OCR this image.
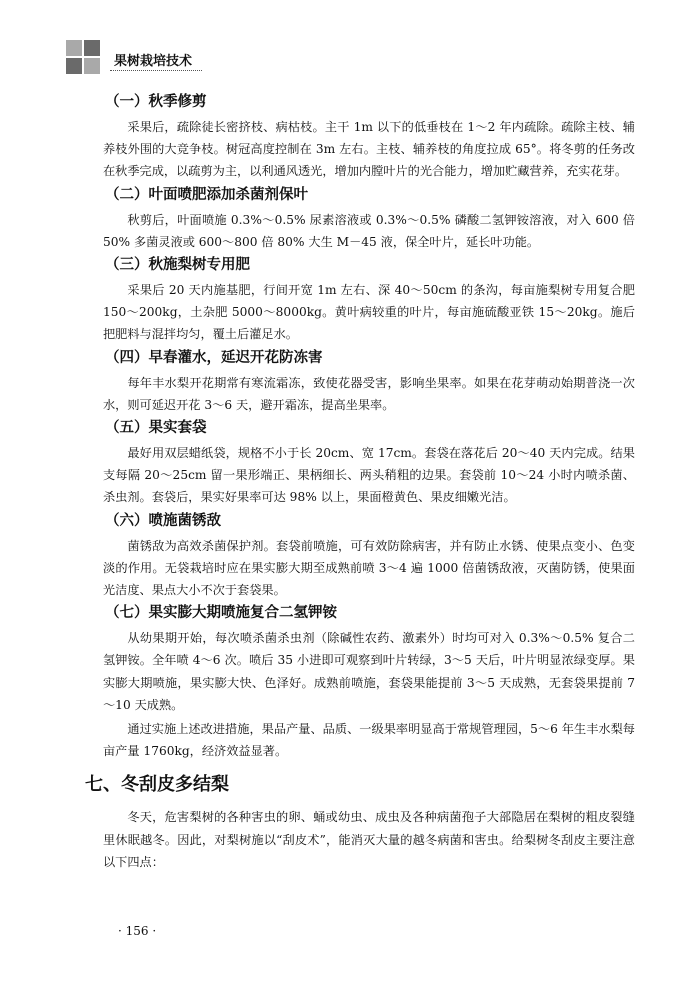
果树栽培技术
（一）秋季修剪
采果后，疏除徒长密挤枝、病枯枝。主干 1m 以下的低垂枝在 1～2 年内疏除。疏除主枝、辅养枝外围的大竞争枝。树冠高度控制在 3m 左右。主枝、辅养枝的角度拉成 65°。将冬剪的任务改在秋季完成，以疏剪为主，以利通风透光，增加内膛叶片的光合能力，增加贮藏营养，充实花芽。
（二）叶面喷肥添加杀菌剂保叶
秋剪后，叶面喷施 0.3%～0.5% 尿素溶液或 0.3%～0.5% 磷酸二氢钾铵溶液，对入 600 倍 50% 多菌灵液或 600～800 倍 80% 大生 M－45 液，保全叶片，延长叶功能。
（三）秋施梨树专用肥
采果后 20 天内施基肥，行间开宽 1m 左右、深 40～50cm 的条沟，每亩施梨树专用复合肥 150～200kg，土杂肥 5000～8000kg。黄叶病较重的叶片，每亩施硫酸亚铁 15～20kg。施后把肥料与混拌均匀，覆土后灌足水。
（四）早春灌水，延迟开花防冻害
每年丰水梨开花期常有寒流霜冻，致使花器受害，影响坐果率。如果在花芽萌动始期普浇一次水，则可延迟开花 3～6 天，避开霜冻，提高坐果率。
（五）果实套袋
最好用双层蜡纸袋，规格不小于长 20cm、宽 17cm。套袋在落花后 20～40 天内完成。结果支每隔 20～25cm 留一果形端正、果柄细长、两头稍粗的边果。套袋前 10～24 小时内喷杀菌、杀虫剂。套袋后，果实好果率可达 98% 以上，果面橙黄色、果皮细嫩光洁。
（六）喷施菌锈敌
菌锈敌为高效杀菌保护剂。套袋前喷施，可有效防除病害，并有防止水锈、使果点变小、色变淡的作用。无袋栽培时应在果实膨大期至成熟前喷 3～4 遍 1000 倍菌锈敌液，灭菌防锈，使果面光洁度、果点大小不次于套袋果。
（七）果实膨大期喷施复合二氢钾铵
从幼果期开始，每次喷杀菌杀虫剂（除碱性农药、激素外）时均可对入 0.3%～0.5% 复合二氢钾铵。全年喷 4～6 次。喷后 35 小进即可观察到叶片转绿，3～5 天后，叶片明显浓绿变厚。果实膨大期喷施，果实膨大快、色泽好。成熟前喷施，套袋果能提前 3～5 天成熟，无套袋果提前 7～10 天成熟。
通过实施上述改进措施，果品产量、品质、一级果率明显高于常规管理园，5～6 年生丰水梨每亩产量 1760kg，经济效益显著。
七、冬刮皮多结梨
冬天，危害梨树的各种害虫的卵、蛹或幼虫、成虫及各种病菌孢子大部隐居在梨树的粗皮裂缝里休眠越冬。因此，对梨树施以“刮皮术”，能消灭大量的越冬病菌和害虫。给梨树冬刮皮主要注意以下四点：
· 156 ·
